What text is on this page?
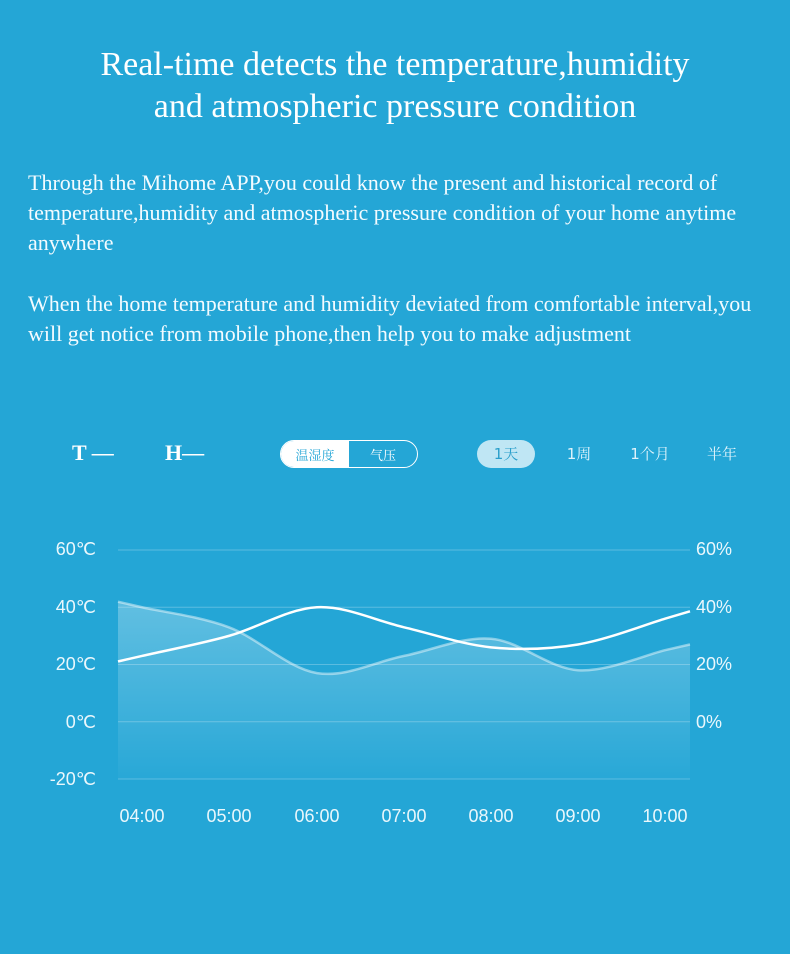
Real-time detects the temperature,humidity
and atmospheric pressure condition
Through the Mihome APP,you could know the present and historical record of temperature,humidity and atmospheric pressure condition of your home anytime anywhere
When the home temperature and humidity deviated from comfortable interval,you will get notice from mobile phone,then help you to make adjustment
T — H—	温湿度	气压	1天	1周	1个月	半年
60℃
40℃
20℃
0℃
-20℃
60%
40%
20%
0%
04:00	05:00	06:00	07:00	08:00	09:00	10:00
